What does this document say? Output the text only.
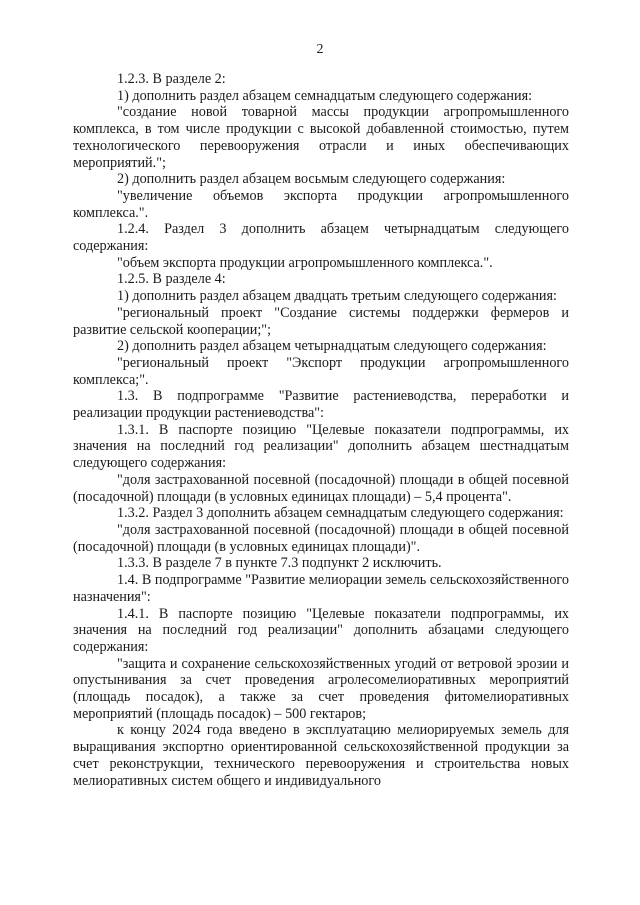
2

1.2.3. В разделе 2:

1) дополнить раздел абзацем семнадцатым следующего содержания:

"создание новой товарной массы продукции агропромышленного комплекса, в том числе продукции с высокой добавленной стоимостью, путем технологического перевооружения отрасли и иных обеспечивающих мероприятий.";

2) дополнить раздел абзацем восьмым следующего содержания:

"увеличение объемов экспорта продукции агропромышленного комплекса.".

1.2.4. Раздел 3 дополнить абзацем четырнадцатым следующего содержания:

"объем экспорта продукции агропромышленного комплекса.".

1.2.5. В разделе 4:

1) дополнить раздел абзацем двадцать третьим следующего содержания:

"региональный проект "Создание системы поддержки фермеров и развитие сельской кооперации;";

2) дополнить раздел абзацем четырнадцатым следующего содержания:

"региональный проект "Экспорт продукции агропромышленного комплекса;".

1.3. В подпрограмме "Развитие растениеводства, переработки и реализации продукции растениеводства":

1.3.1. В паспорте позицию "Целевые показатели подпрограммы, их значения на последний год реализации" дополнить абзацем шестнадцатым следующего содержания:

"доля застрахованной посевной (посадочной) площади в общей посевной (посадочной) площади (в условных единицах площади) – 5,4 процента".

1.3.2. Раздел 3 дополнить абзацем семнадцатым следующего содержания:

"доля застрахованной посевной (посадочной) площади в общей посевной (посадочной) площади (в условных единицах площади)".

1.3.3. В разделе 7 в пункте 7.3 подпункт 2 исключить.

1.4. В подпрограмме "Развитие мелиорации земель сельскохозяйственного назначения":

1.4.1. В паспорте позицию "Целевые показатели подпрограммы, их значения на последний год реализации" дополнить абзацами следующего содержания:

"защита и сохранение сельскохозяйственных угодий от ветровой эрозии и опустынивания за счет проведения агролесомелиоративных мероприятий (площадь посадок), а также за счет проведения фитомелиоративных мероприятий (площадь посадок) – 500 гектаров;

к концу 2024 года введено в эксплуатацию мелиорируемых земель для выращивания экспортно ориентированной сельскохозяйственной продукции за счет реконструкции, технического перевооружения и строительства новых мелиоративных систем общего и индивидуального
